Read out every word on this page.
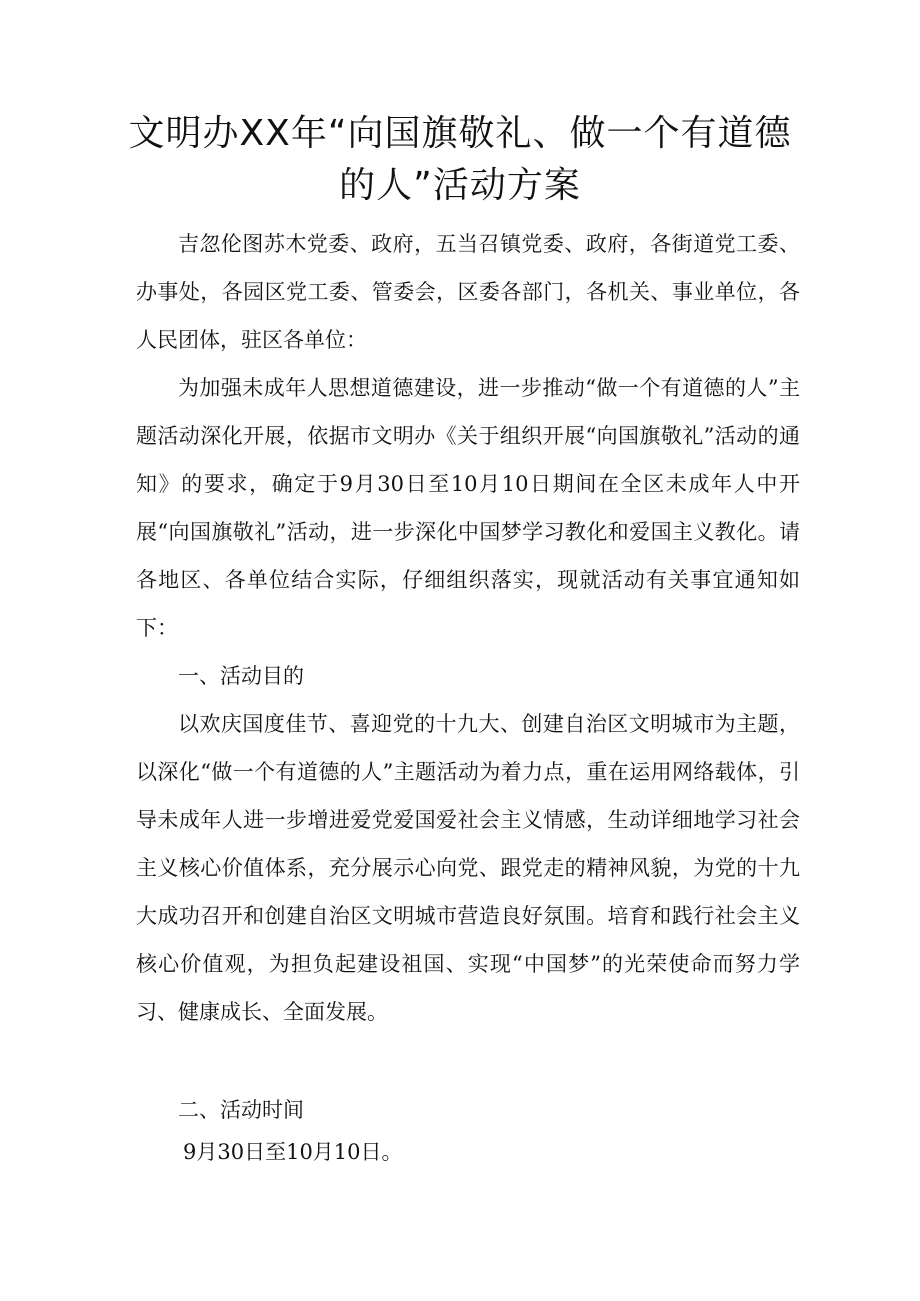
文明办XX年“向国旗敬礼、做一个有道德的人”活动方案

吉忽伦图苏木党委、政府，五当召镇党委、政府，各街道党工委、办事处，各园区党工委、管委会，区委各部门，各机关、事业单位，各人民团体，驻区各单位：

为加强未成年人思想道德建设，进一步推动“做一个有道德的人”主题活动深化开展，依据市文明办《关于组织开展“向国旗敬礼”活动的通知》的要求，确定于9月30日至10月10日期间在全区未成年人中开展“向国旗敬礼”活动，进一步深化中国梦学习教化和爱国主义教化。请各地区、各单位结合实际，仔细组织落实，现就活动有关事宜通知如下：

一、活动目的

以欢庆国度佳节、喜迎党的十九大、创建自治区文明城市为主题，以深化“做一个有道德的人”主题活动为着力点，重在运用网络载体，引导未成年人进一步增进爱党爱国爱社会主义情感，生动详细地学习社会主义核心价值体系，充分展示心向党、跟党走的精神风貌，为党的十九大成功召开和创建自治区文明城市营造良好氛围。培育和践行社会主义核心价值观，为担负起建设祖国、实现“中国梦”的光荣使命而努力学习、健康成长、全面发展。

二、活动时间

9月30日至10月10日。
